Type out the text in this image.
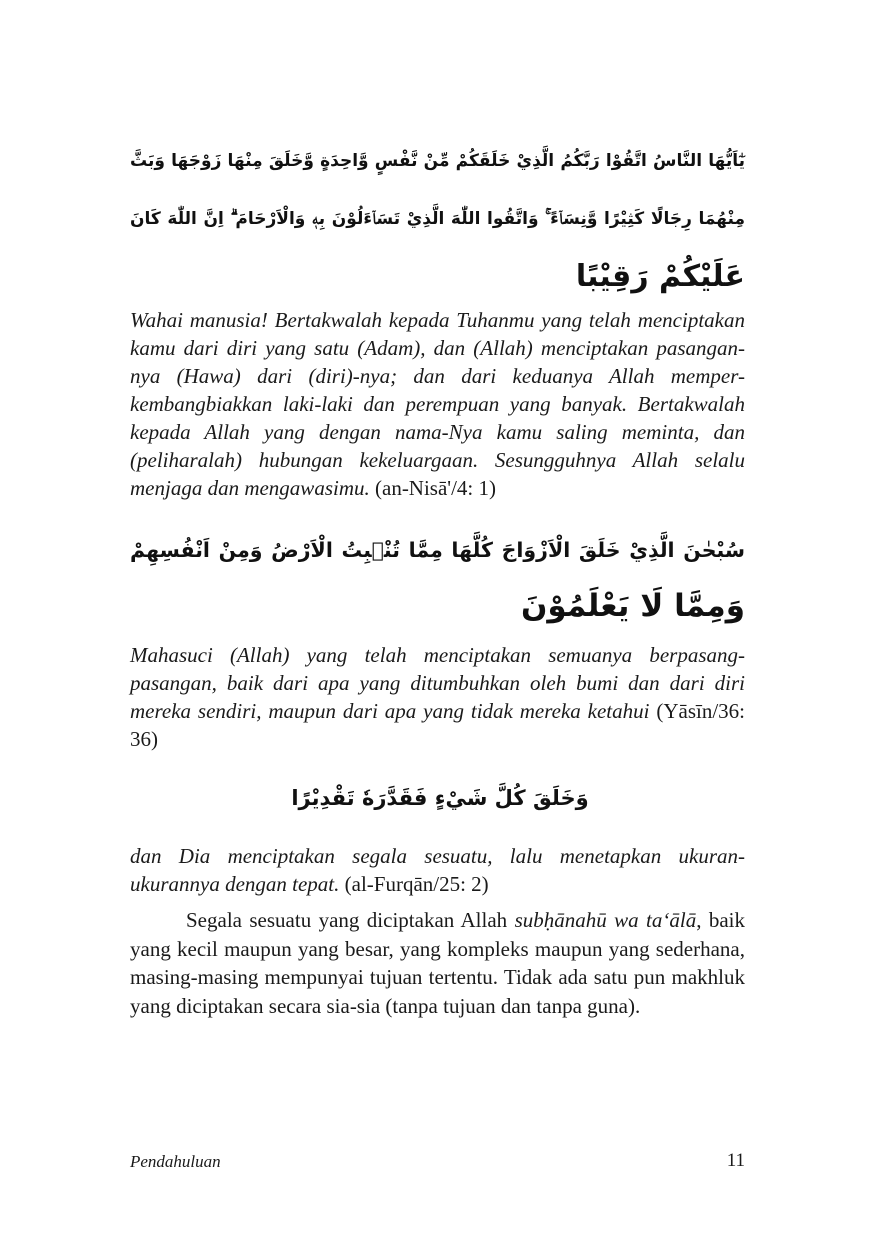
يٰٓاَيُّهَا النَّاسُ اتَّقُوْا رَبَّكُمُ الَّذِيْ خَلَقَكُمْ مِّنْ نَّفْسٍ وَّاحِدَةٍ وَّخَلَقَ مِنْهَا زَوْجَهَا وَبَثَّ
مِنْهُمَا رِجَالًا كَثِيْرًا وَّنِسَاۤءً ۚ وَاتَّقُوا اللّٰهَ الَّذِيْ تَسَاۤءَلُوْنَ بِهٖ وَالْاَرْحَامَ ۗ اِنَّ اللّٰهَ كَانَ
عَلَيْكُمْ رَقِيْبًا
Wahai manusia! Bertakwalah kepada Tuhanmu yang telah menciptakan kamu dari diri yang satu (Adam), dan (Allah) menciptakan pasangan-nya (Hawa) dari (diri)-nya; dan dari keduanya Allah memper-kembangbiakkan laki-laki dan perempuan yang banyak. Bertakwalah kepada Allah yang dengan nama-Nya kamu saling meminta, dan (peliharalah) hubungan kekeluargaan. Sesungguhnya Allah selalu menjaga dan mengawasimu. (an-Nisā'/4: 1)
سُبْحٰنَ الَّذِيْ خَلَقَ الْاَزْوَاجَ كُلَّهَا مِمَّا تُنْۢبِتُ الْاَرْضُ وَمِنْ اَنْفُسِهِمْ
وَمِمَّا لَا يَعْلَمُوْنَ
Mahasuci (Allah) yang telah menciptakan semuanya berpasang-pasangan, baik dari apa yang ditumbuhkan oleh bumi dan dari diri mereka sendiri, maupun dari apa yang tidak mereka ketahui (Yāsīn/36: 36)
وَخَلَقَ كُلَّ شَيْءٍ فَقَدَّرَهٗ تَقْدِيْرًا
dan Dia menciptakan segala sesuatu, lalu menetapkan ukuran-ukurannya dengan tepat. (al-Furqān/25: 2)

Segala sesuatu yang diciptakan Allah subḥānahū wa ta‘ālā, baik yang kecil maupun yang besar, yang kompleks maupun yang sederhana, masing-masing mempunyai tujuan tertentu. Tidak ada satu pun makhluk yang diciptakan secara sia-sia (tanpa tujuan dan tanpa guna).

Pendahuluan	11
